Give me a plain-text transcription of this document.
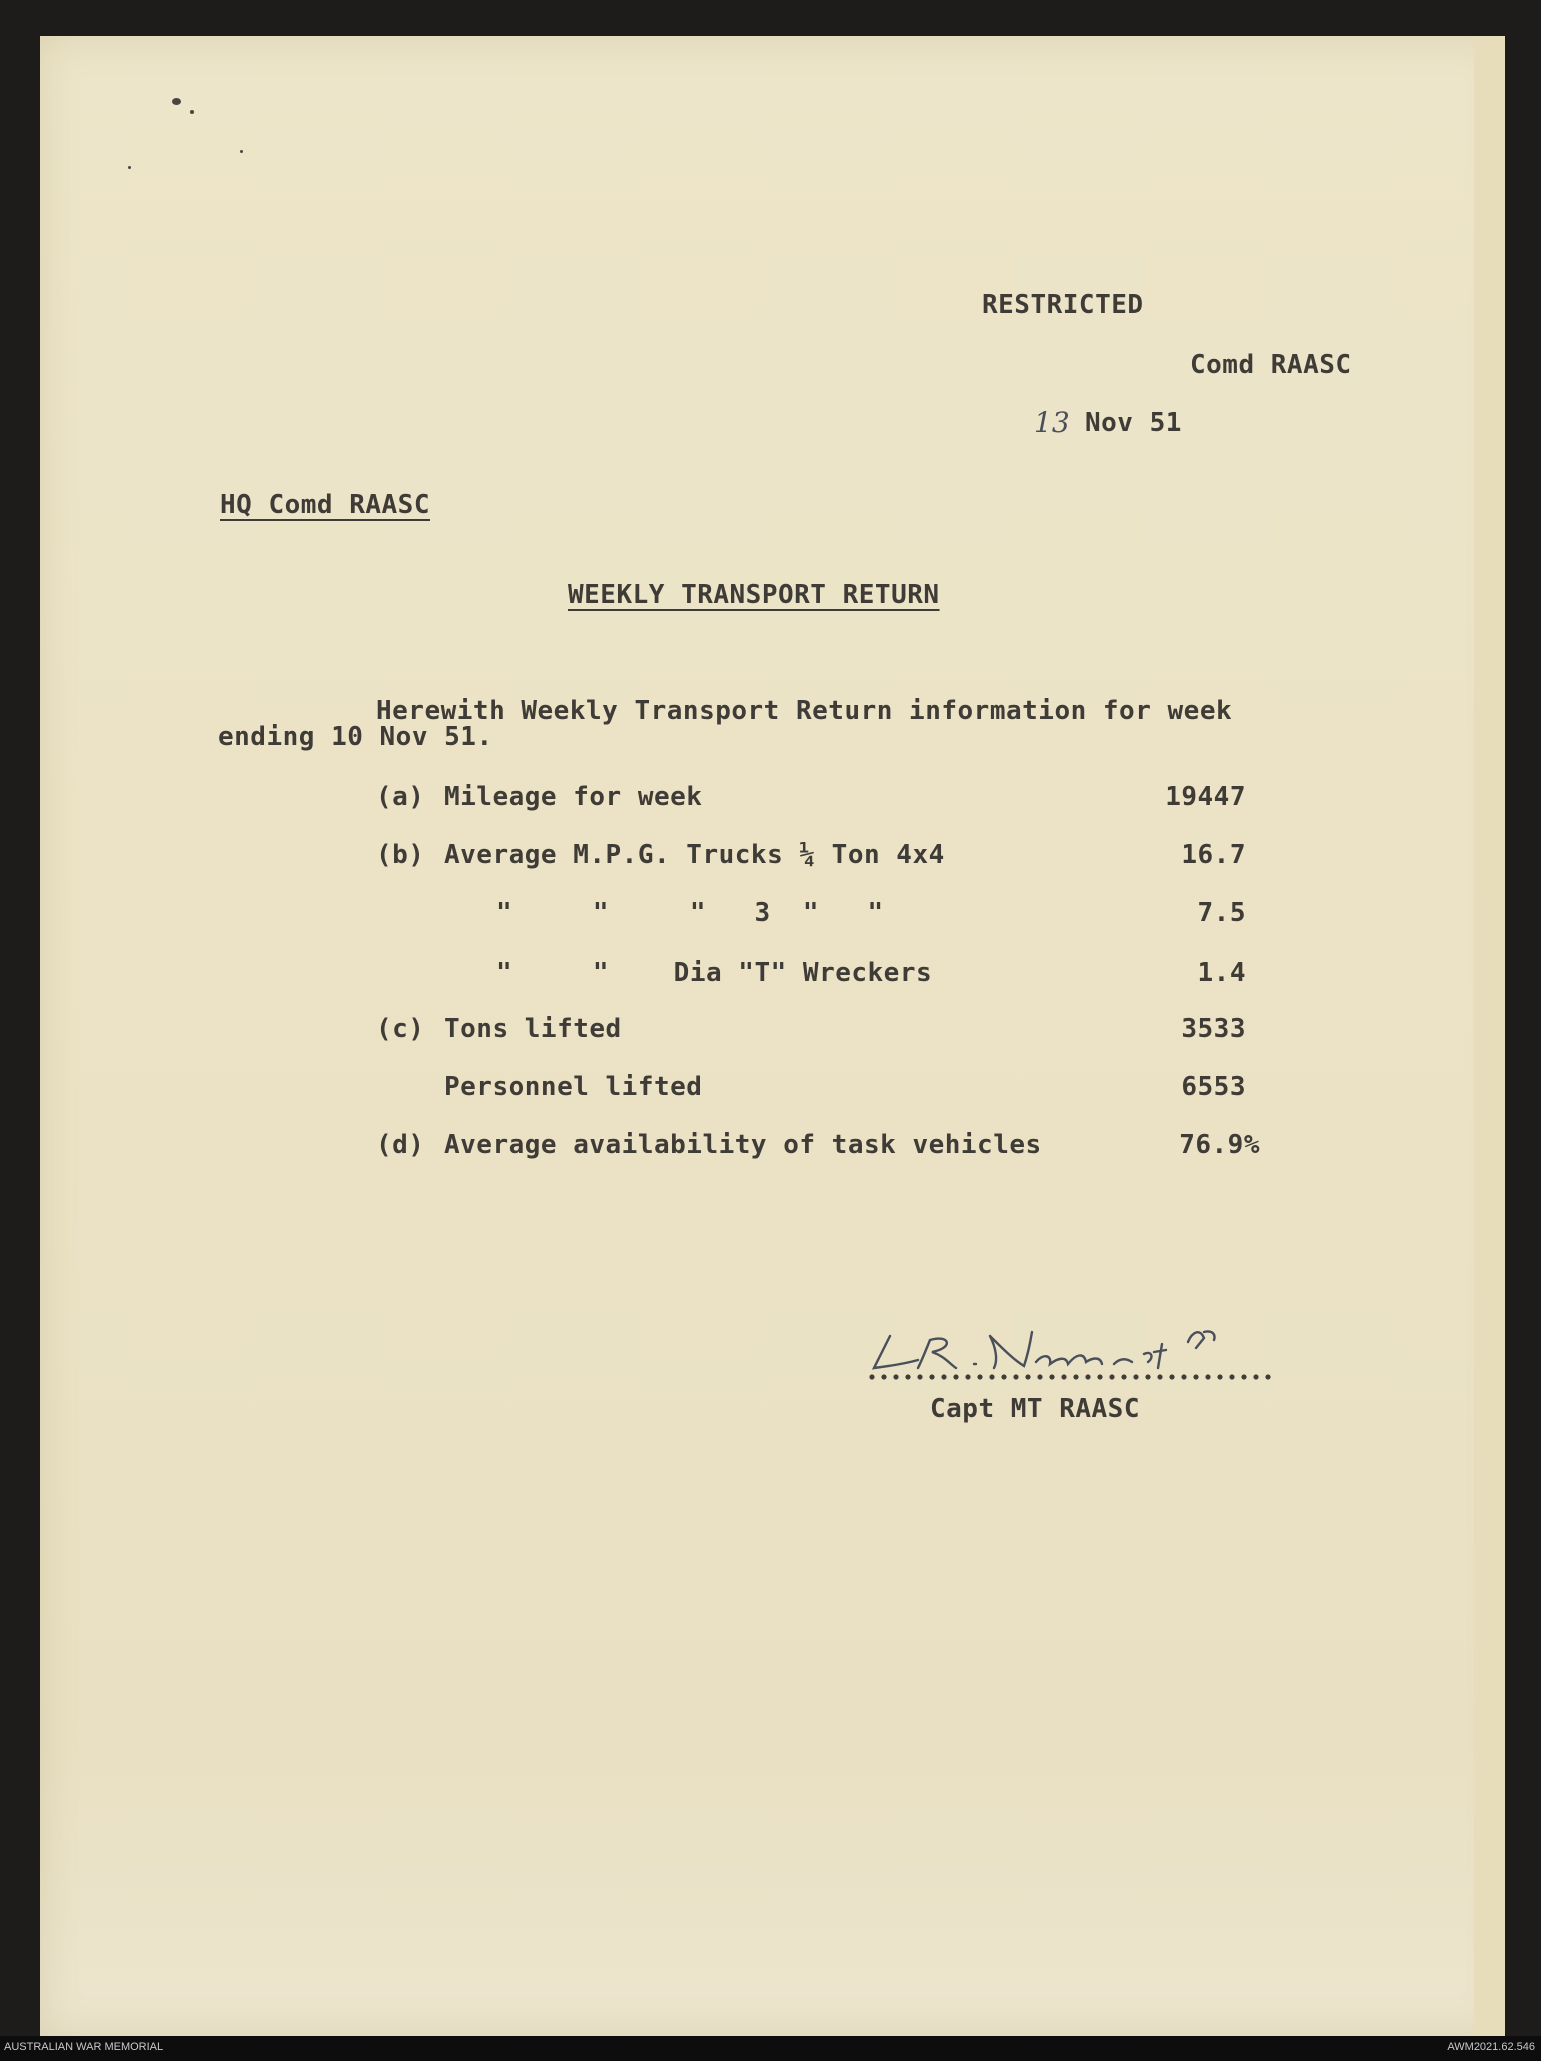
RESTRICTED
Comd RAASC
13 Nov 51
HQ Comd RAASC
WEEKLY TRANSPORT RETURN
Herewith Weekly Transport Return information for week
ending 10 Nov 51.
(a) Mileage for week	19447
(b) Average M.P.G. Trucks ¼ Ton 4x4	16.7
"     "     "   3  "   "	7.5
"     "    Dia "T" Wreckers	1.4
(c) Tons lifted	3533
Personnel lifted	6553
(d) Average availability of task vehicles	76.9%
Capt MT RAASC
AUSTRALIAN WAR MEMORIAL	AWM2021.62.546
